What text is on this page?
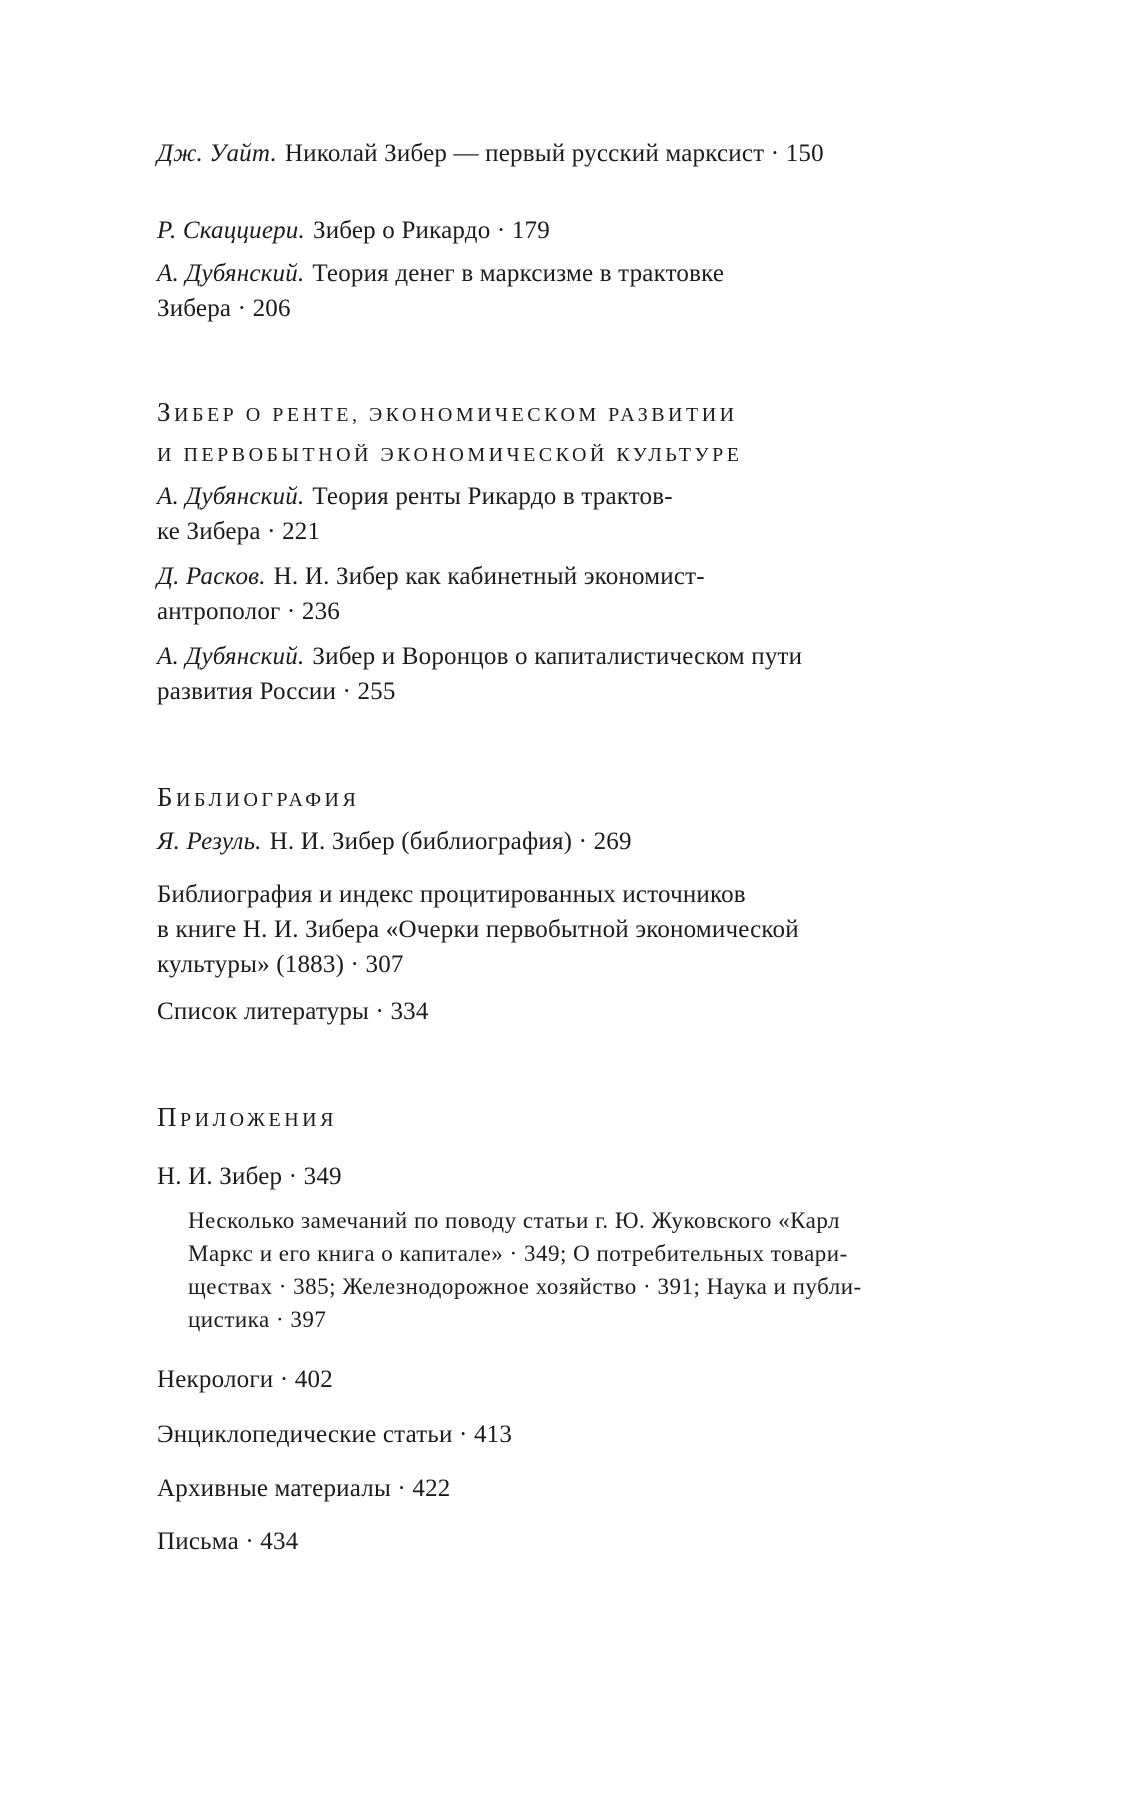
Дж. Уайт. Николай Зибер — первый русский марксист · 150
Р. Скацциери. Зибер о Рикардо · 179
А. Дубянский. Теория денег в марксизме в трактовке
Зибера · 206
ЗИБЕР О РЕНТЕ, ЭКОНОМИЧЕСКОМ РАЗВИТИИ
И ПЕРВОБЫТНОЙ ЭКОНОМИЧЕСКОЙ КУЛЬТУРЕ
А. Дубянский. Теория ренты Рикардо в трактов-
ке Зибера · 221
Д. Расков. Н. И. Зибер как кабинетный экономист-
антрополог · 236
А. Дубянский. Зибер и Воронцов о капиталистическом пути
развития России · 255
БИБЛИОГРАФИЯ
Я. Резуль. Н. И. Зибер (библиография) · 269
Библиография и индекс процитированных источников
в книге Н. И. Зибера «Очерки первобытной экономической
культуры» (1883) · 307
Список литературы · 334
ПРИЛОЖЕНИЯ
Н. И. Зибер · 349
Несколько замечаний по поводу статьи г. Ю. Жуковского «Карл
Маркс и его книга о капитале» · 349; О потребительных товари-
ществах · 385; Железнодорожное хозяйство · 391; Наука и публи-
цистика · 397
Некрологи · 402
Энциклопедические статьи · 413
Архивные материалы · 422
Письма · 434
